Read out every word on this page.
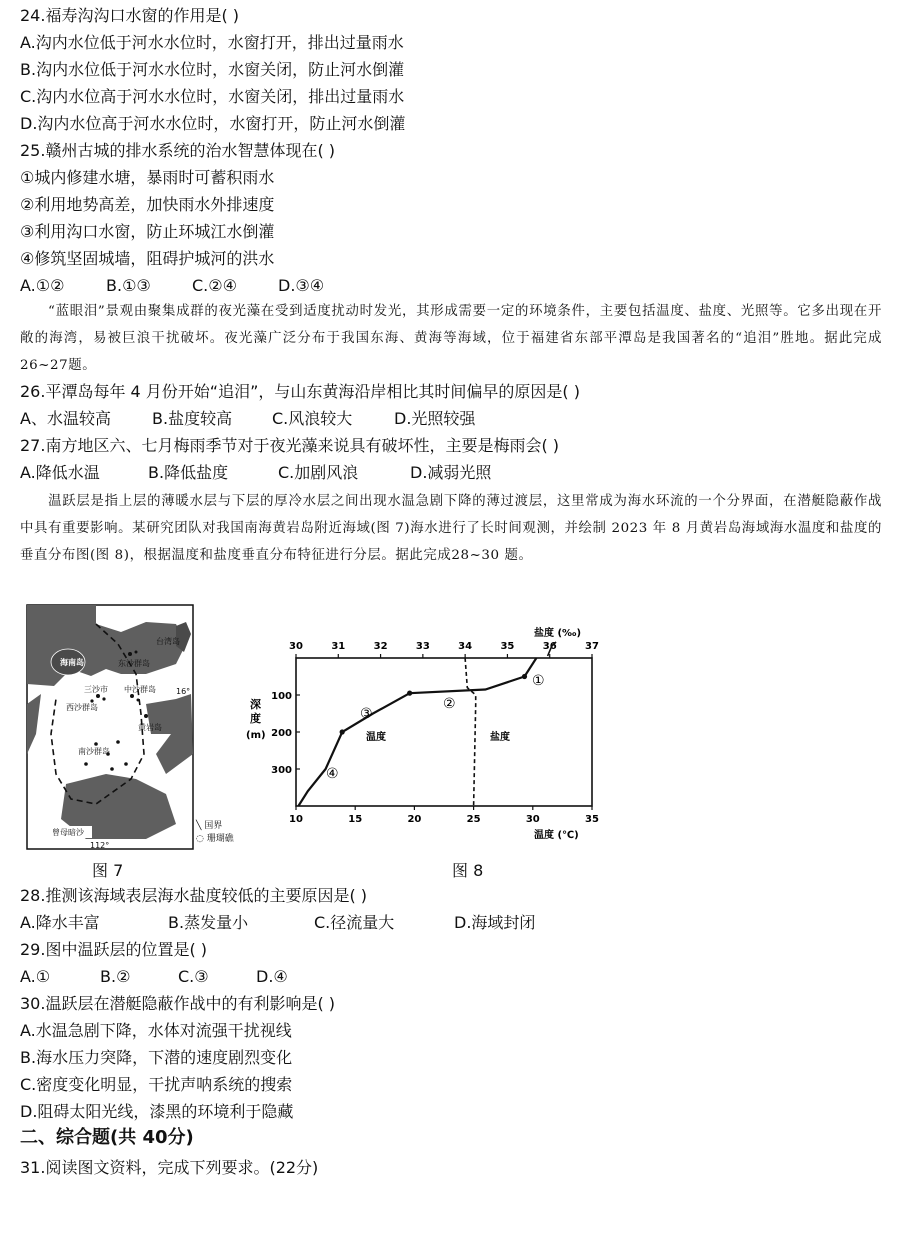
24.福寿沟沟口水窗的作用是( )
A.沟内水位低于河水水位时，水窗打开，排出过量雨水
B.沟内水位低于河水水位时，水窗关闭，防止河水倒灌
C.沟内水位高于河水水位时，水窗关闭，排出过量雨水
D.沟内水位高于河水水位时，水窗打开，防止河水倒灌
25.赣州古城的排水系统的治水智慧体现在( )
①城内修建水塘，暴雨时可蓄积雨水
②利用地势高差，加快雨水外排速度
③利用沟口水窗，防止环城江水倒灌
④修筑坚固城墙，阻碍护城河的洪水
A.①②	B.①③	C.②④	D.③④
“蓝眼泪”景观由聚集成群的夜光藻在受到适度扰动时发光，其形成需要一定的环境条件，主要包括温度、盐度、光照等。它多出现在开敞的海湾，易被巨浪干扰破坏。夜光藻广泛分布于我国东海、黄海等海域，位于福建省东部平潭岛是我国著名的“追泪”胜地。据此完成26~27题。
26.平潭岛每年 4 月份开始“追泪”，与山东黄海沿岸相比其时间偏早的原因是( )
A、水温较高	B.盐度较高 C.风浪较大	D.光照较强
27.南方地区六、七月梅雨季节对于夜光藻来说具有破坏性，主要是梅雨会( )
A.降低水温	B.降低盐度	C.加剧风浪	D.减弱光照
温跃层是指上层的薄暖水层与下层的厚冷水层之间出现水温急剧下降的薄过渡层，这里常成为海水环流的一个分界面，在潜艇隐蔽作战中具有重要影响。某研究团队对我国南海黄岩岛附近海域(图 7)海水进行了长时间观测，并绘制 2023 年 8 月黄岩岛海域海水温度和盐度的垂直分布图(图 8)，根据温度和盐度垂直分布特征进行分层。据此完成28~30 题。
海南岛
台湾岛
东沙群岛
三沙市 中沙群岛
西沙群岛
黄岩岛
南沙群岛
16°
曾母暗沙
112°
╲ 国界
◌ 珊瑚礁
30	31	32	33	34	35	36	37
10	15	20	25	30	35
100
200
300
盐度 (‰)
温度 (℃)
深
度
(m)	温度	盐度
①
②
③
④
图 7	图 8
28.推测该海域表层海水盐度较低的主要原因是( )
A.降水丰富	B.蒸发量小	C.径流量大	D.海域封闭
29.图中温跃层的位置是( )
A.①	B.②	C.③	D.④
30.温跃层在潜艇隐蔽作战中的有利影响是( )
A.水温急剧下降，水体对流强干扰视线
B.海水压力突降，下潜的速度剧烈变化
C.密度变化明显，干扰声呐系统的搜索
D.阻碍太阳光线，漆黑的环境利于隐藏
二、综合题(共 40分)
31.阅读图文资料，完成下列要求。(22分)
